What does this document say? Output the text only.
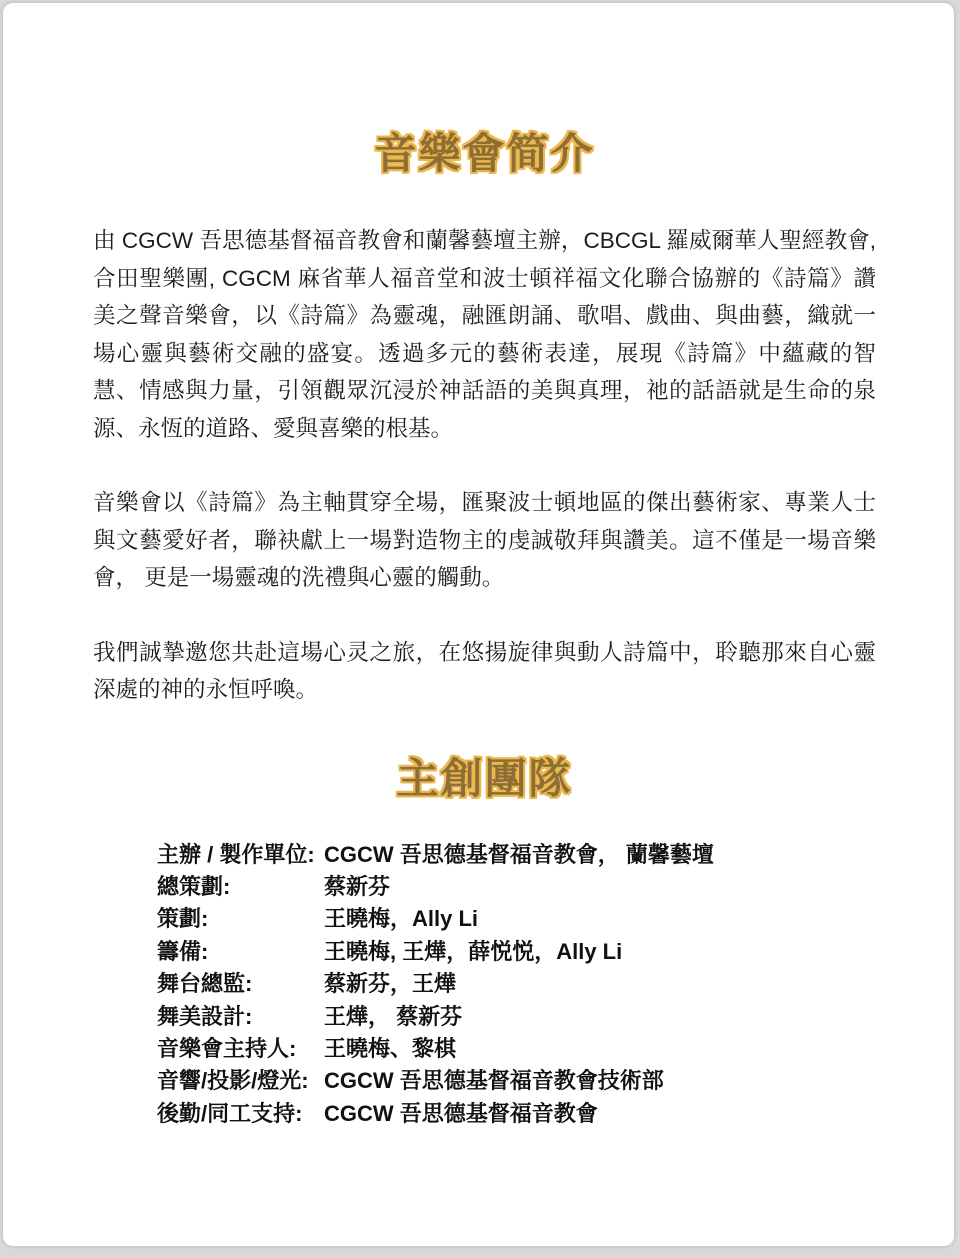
音樂會简介

由 CGCW 吾思德基督福音教會和蘭馨藝壇主辦，CBCGL 羅威爾華人聖經教會, 合田聖樂團, CGCM 麻省華人福音堂和波士頓祥福文化聯合協辦的《詩篇》讚美之聲音樂會，以《詩篇》為靈魂，融匯朗誦、歌唱、戲曲、與曲藝，織就一場心靈與藝術交融的盛宴。透過多元的藝術表達，展現《詩篇》中蘊藏的智慧、情感與力量，引領觀眾沉浸於神話語的美與真理，祂的話語就是生命的泉源、永恆的道路、愛與喜樂的根基。

音樂會以《詩篇》為主軸貫穿全場，匯聚波士頓地區的傑出藝術家、專業人士與文藝愛好者，聯袂獻上一場對造物主的虔誠敬拜與讚美。這不僅是一場音樂會， 更是一場靈魂的洗禮與心靈的觸動。

我們誠摯邀您共赴這場心灵之旅，在悠揚旋律與動人詩篇中，聆聽那來自心靈深處的神的永恒呼喚。

主創團隊
主辦 / 製作單位: CGCW 吾思德基督福音教會， 蘭馨藝壇
總策劃:	蔡新芬
策劃:	王曉梅，Ally Li
籌備:	王曉梅, 王燁，薛悦悦，Ally Li
舞台總監:	蔡新芬，王燁
舞美設計:	王燁， 蔡新芬
音樂會主持人:	王曉梅、黎棋
音響/投影/燈光: CGCW 吾思德基督福音教會技術部
後勤/同工支持: CGCW 吾思德基督福音教會
